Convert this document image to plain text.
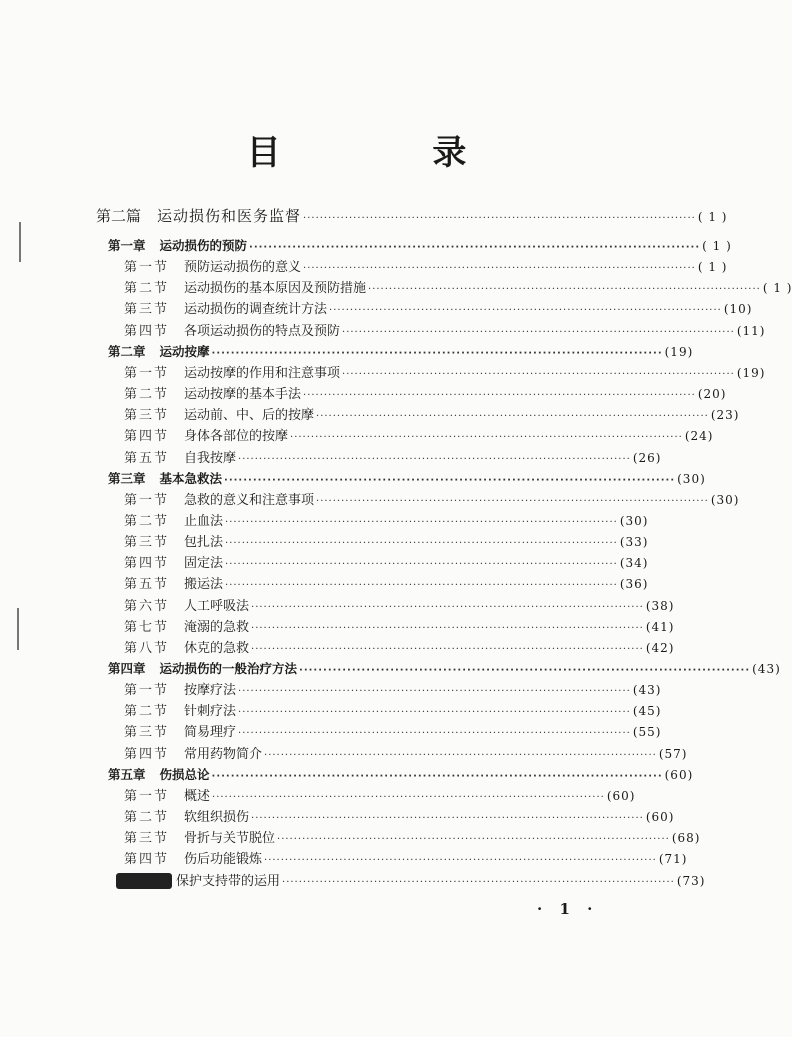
目 录
第二篇	运动损伤和医务监督 ······························································································ ( 1 )
第一章	运动损伤的预防 ······························································································ ( 1 )
第一节	预防运动损伤的意义 ······························································································ ( 1 )
第二节	运动损伤的基本原因及预防措施 ······························································································ ( 1 )
第三节	运动损伤的调查统计方法 ······························································································ (10)
第四节	各项运动损伤的特点及预防 ······························································································ (11)
第二章	运动按摩 ······························································································ (19)
第一节	运动按摩的作用和注意事项 ······························································································ (19)
第二节	运动按摩的基本手法 ······························································································ (20)
第三节	运动前、中、后的按摩 ······························································································ (23)
第四节	身体各部位的按摩 ······························································································ (24)
第五节	自我按摩 ······························································································ (26)
第三章	基本急救法 ······························································································ (30)
第一节	急救的意义和注意事项 ······························································································ (30)
第二节	止血法 ······························································································ (30)
第三节	包扎法 ······························································································ (33)
第四节	固定法 ······························································································ (34)
第五节	搬运法 ······························································································ (36)
第六节	人工呼吸法 ······························································································ (38)
第七节	淹溺的急救 ······························································································ (41)
第八节	休克的急救 ······························································································ (42)
第四章	运动损伤的一般治疗方法 ······························································································ (43)
第一节	按摩疗法 ······························································································ (43)
第二节	针刺疗法 ······························································································ (45)
第三节	简易理疗 ······························································································ (55)
第四节	常用药物简介 ······························································································ (57)
第五章	伤损总论 ······························································································ (60)
第一节	概述 ······························································································ (60)
第二节	软组织损伤 ······························································································ (60)
第三节	骨折与关节脱位 ······························································································ (68)
第四节	伤后功能锻炼 ······························································································ (71)
保护支持带的运用 ······························································································ (73)
· 1 ·
